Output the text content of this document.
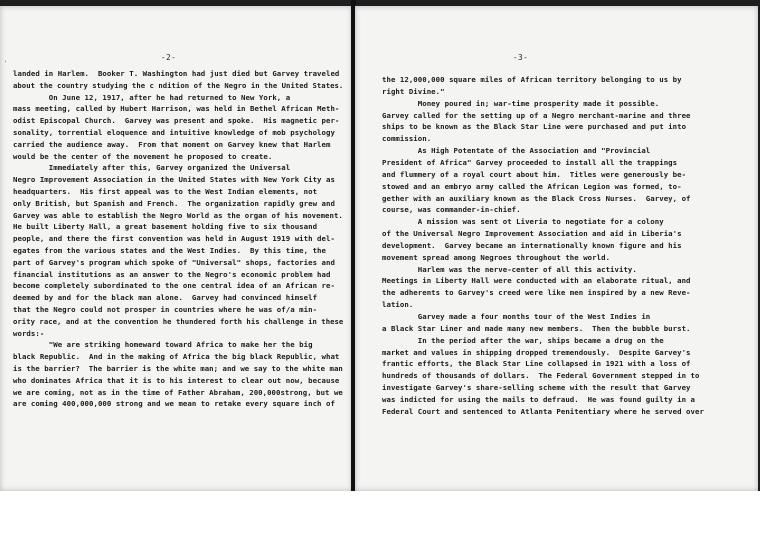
'
-2-
landed in Harlem.  Booker T. Washington had just died but Garvey traveled
about the country studying the c ndition of the Negro in the United States.
On June 12, 1917, after he had returned to New York, a
mass meeting, called by Hubert Harrison, was held in Bethel African Meth-
odist Episcopal Church.  Garvey was present and spoke.  His magnetic per-
sonality, torrential eloquence and intuitive knowledge of mob psychology
carried the audience away.  From that moment on Garvey knew that Harlem
would be the center of the movement he proposed to create.
Immediately after this, Garvey organized the Universal
Negro Improvement Association in the United States with New York City as
headquarters.  His first appeal was to the West Indian elements, not
only British, but Spanish and French.  The organization rapidly grew and
Garvey was able to establish the Negro World as the organ of his movement.
He built Liberty Hall, a great basement holding five to six thousand
people, and there the first convention was held in August 1919 with del-
egates from the various states and the West Indies.  By this time, the
part of Garvey's program which spoke of "Universal" shops, factories and
financial institutions as an answer to the Negro's economic problem had
become completely subordinated to the one central idea of an African re-
deemed by and for the black man alone.  Garvey had convinced himself
that the Negro could not prosper in countries where he was of/a min-
ority race, and at the convention he thundered forth his challenge in these
words:-
"We are striking homeward toward Africa to make her the big
black Republic.  And in the making of Africa the big black Republic, what
is the barrier?  The barrier is the white man; and we say to the white man
who dominates Africa that it is to his interest to clear out now, because
we are coming, not as in the time of Father Abraham, 200,000strong, but we
are coming 400,000,000 strong and we mean to retake every square inch of
-3-
the 12,000,000 square miles of African territory belonging to us by
right Divine."
Money poured in; war-time prosperity made it possible.
Garvey called for the setting up of a Negro merchant-marine and three
ships to be known as the Black Star Line were purchased and put into
commission.
As High Potentate of the Association and "Provincial
President of Africa" Garvey proceeded to install all the trappings
and flummery of a royal court about him.  Titles were generously be-
stowed and an embryo army called the African Legion was formed, to-
gether with an auxiliary known as the Black Cross Nurses.  Garvey, of
course, was commander-in-chief.
A mission was sent ot Liveria to negotiate for a colony
of the Universal Negro Improvement Association and aid in Liberia's
development.  Garvey became an internationally known figure and his
movement spread among Negroes throughout the world.
Harlem was the nerve-center of all this activity.
Meetings in Liberty Hall were conducted with an elaborate ritual, and
the adherents to Garvey's creed were like men inspired by a new Reve-
lation.
Garvey made a four months tour of the West Indies in
a Black Star Liner and made many new members.  Then the bubble burst.
In the period after the war, ships became a drug on the
market and values in shipping dropped tremendously.  Despite Garvey's
frantic efforts, the Black Star Line collapsed in 1921 with a loss of
hundreds of thousands of dollars.  The Federal Government stepped in to
investigate Garvey's share-selling scheme with the result that Garvey
was indicted for using the mails to defraud.  He was found guilty in a
Federal Court and sentenced to Atlanta Penitentiary where he served over
